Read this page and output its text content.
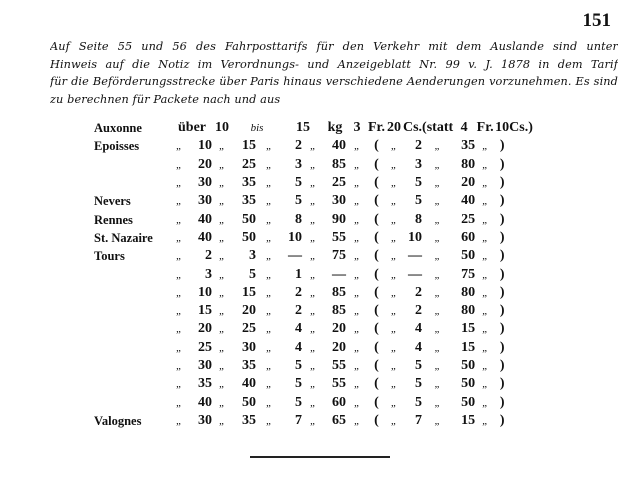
151
Auf Seite 55 und 56 des Fahrposttarifs für den Verkehr mit dem Auslande sind unter
Hinweis auf die Notiz im Verordnungs- und Anzeigeblatt Nr. 99 v. J. 1878 in dem Tarif
für die Beförderungsstrecke über Paris hinaus verschiedene Aenderungen vorzunehmen. Es sind
zu berechnen für Packete nach und aus
Auxonne	über		10	bis		15		kg	3	Fr.	20	Cs.	(statt	4	Fr.	10	Cs.)
Epoisses	„	10	„	15	„	2	„	40	„	(	„	2	„	35	„	)	
	„	20	„	25	„	3	„	85	„	(	„	3	„	80	„	)	
	„	30	„	35	„	5	„	25	„	(	„	5	„	20	„	)	
Nevers	„	30	„	35	„	5	„	30	„	(	„	5	„	40	„	)	
Rennes	„	40	„	50	„	8	„	90	„	(	„	8	„	25	„	)	
St. Nazaire	„	40	„	50	„	10	„	55	„	(	„	10	„	60	„	)	
Tours	„	2	„	3	„	—	„	75	„	(	„	—	„	50	„	)	
	„	3	„	5	„	1	„	—	„	(	„	—	„	75	„	)	
	„	10	„	15	„	2	„	85	„	(	„	2	„	80	„	)	
	„	15	„	20	„	2	„	85	„	(	„	2	„	80	„	)	
	„	20	„	25	„	4	„	20	„	(	„	4	„	15	„	)	
	„	25	„	30	„	4	„	20	„	(	„	4	„	15	„	)	
	„	30	„	35	„	5	„	55	„	(	„	5	„	50	„	)	
	„	35	„	40	„	5	„	55	„	(	„	5	„	50	„	)	
	„	40	„	50	„	5	„	60	„	(	„	5	„	50	„	)	
Valognes	„	30	„	35	„	7	„	65	„	(	„	7	„	15	„	)	
